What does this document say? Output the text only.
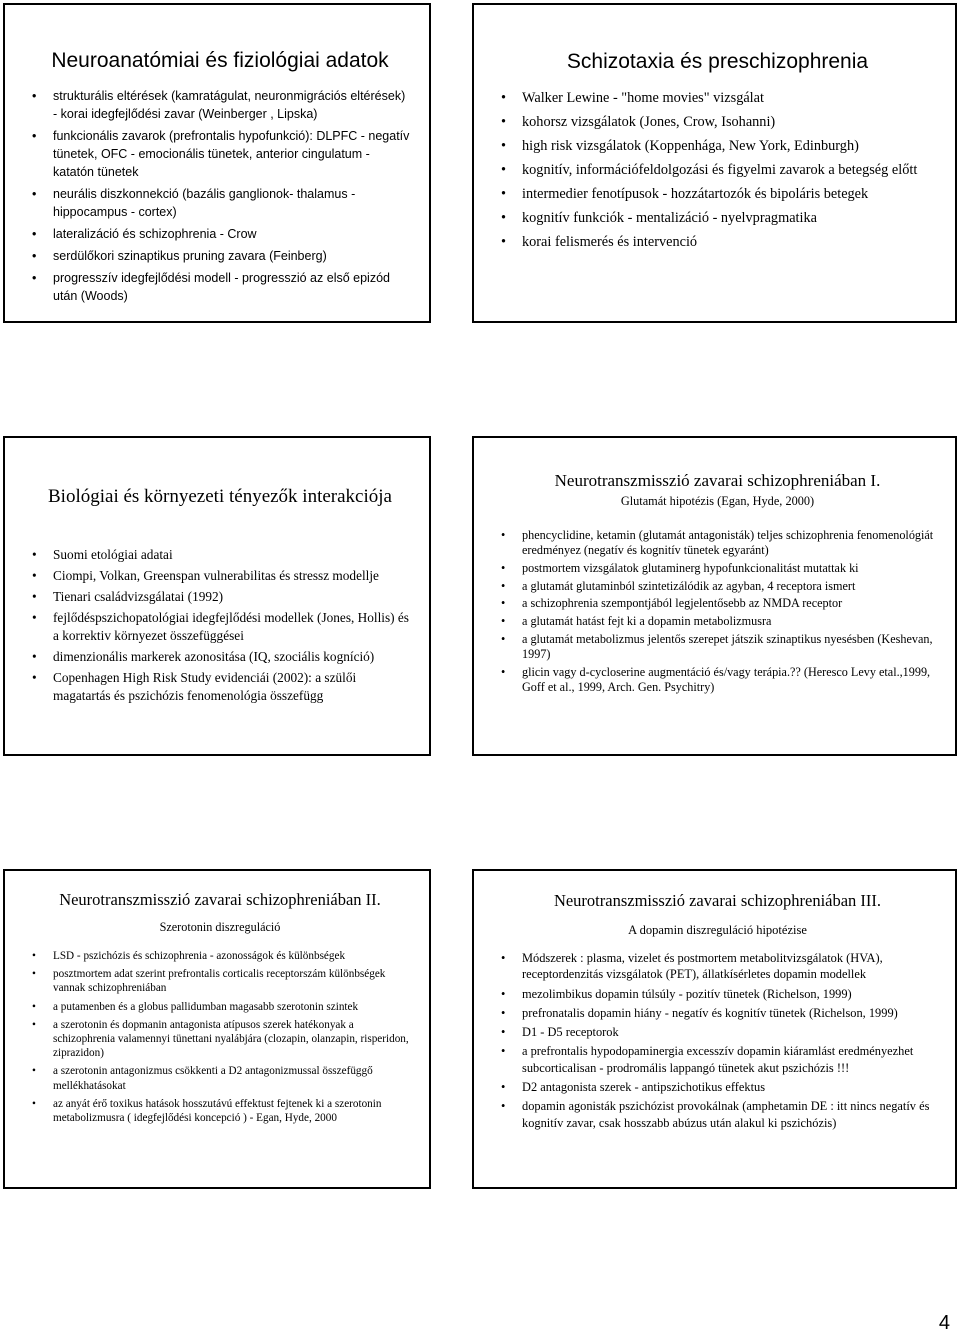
Neuroanatómiai és fiziológiai adatok
• strukturális eltérések (kamratágulat, neuronmigrációs eltérések) - korai idegfejlődési zavar (Weinberger , Lipska)
• funkcionális zavarok (prefrontalis hypofunkció): DLPFC - negatív tünetek, OFC - emocionális tünetek, anterior cingulatum - katatón tünetek
• neurális diszkonnekció (bazális ganglionok- thalamus - hippocampus - cortex)
• lateralizáció és schizophrenia - Crow
• serdülőkori szinaptikus pruning zavara (Feinberg)
• progresszív idegfejlődési modell - progresszió az első epizód után (Woods)
Schizotaxia és preschizophrenia
• Walker Lewine - "home movies" vizsgálat
• kohorsz vizsgálatok (Jones, Crow, Isohanni)
• high risk vizsgálatok (Koppenhága, New York, Edinburgh)
• kognitív, információfeldolgozási és figyelmi zavarok a betegség előtt
• intermedier fenotípusok - hozzátartozók és bipoláris betegek
• kognitív funkciók - mentalizáció - nyelvpragmatika
• korai felismerés és intervenció
Biológiai és környezeti tényezők interakciója
• Suomi etológiai adatai
• Ciompi, Volkan, Greenspan vulnerabilitas és stressz modellje
• Tienari családvizsgálatai (1992)
• fejlődéspszichopatológiai idegfejlődési modellek (Jones, Hollis) és a korrektiv környezet összefüggései
• dimenzionális markerek azonositása (IQ, szociális kogníció)
• Copenhagen High Risk Study evidenciái (2002): a szülői magatartás és pszichózis fenomenológia összefügg
Neurotranszmisszió zavarai schizophreniában I.
Glutamát hipotézis (Egan, Hyde, 2000)
• phencyclidine, ketamin (glutamát antagonisták) teljes schizophrenia fenomenológiát eredményez (negatív és kognitív tünetek egyaránt)
• postmortem vizsgálatok glutaminerg hypofunkcionalitást mutattak ki
• a glutamát glutaminból szintetizálódik az agyban, 4 receptora ismert
• a schizophrenia szempontjából legjelentősebb az NMDA receptor
• a glutamát hatást fejt ki a dopamin metabolizmusra
• a glutamát metabolizmus jelentős szerepet játszik szinaptikus nyesésben (Keshevan, 1997)
• glicin vagy d-cycloserine augmentáció és/vagy terápia.?? (Heresco Levy etal.,1999, Goff et al., 1999, Arch. Gen. Psychitry)
Neurotranszmisszió zavarai schizophreniában II.
Szerotonin diszreguláció
• LSD - pszichózis és schizophrenia - azonosságok és különbségek
• posztmortem adat szerint prefrontalis corticalis receptorszám különbségek vannak schizophreniában
• a putamenben és a globus pallidumban magasabb szerotonin szintek
• a szerotonin és dopmanin antagonista atípusos szerek hatékonyak a schizophrenia valamennyi tünettani nyalábjára (clozapin, olanzapin, risperidon, ziprazidon)
• a szerotonin antagonizmus csökkenti a D2 antagonizmussal összefüggő mellékhatásokat
• az anyát érő toxikus hatások hosszutávú effektust fejtenek ki a szerotonin metabolizmusra ( idegfejlődési koncepció ) - Egan, Hyde, 2000
Neurotranszmisszió zavarai schizophreniában III.
A dopamin diszreguláció hipotézise
• Módszerek : plasma, vizelet és postmortem metabolitvizsgálatok (HVA), receptordenzitás vizsgálatok (PET), állatkísérletes dopamin modellek
• mezolimbikus dopamin túlsúly - pozitív tünetek (Richelson, 1999)
• prefronatalis dopamin hiány - negatív és kognitív tünetek (Richelson, 1999)
• D1 - D5 receptorok
• a prefrontalis hypodopaminergia excesszív dopamin kiáramlást eredményezhet subcorticalisan - prodromális lappangó tünetek akut pszichózis !!!
• D2 antagonista szerek - antipszichotikus effektus
• dopamin agonisták pszichózist provokálnak (amphetamin DE : itt nincs negatív és kognitív zavar, csak hosszabb abúzus után alakul ki pszichózis)
4
